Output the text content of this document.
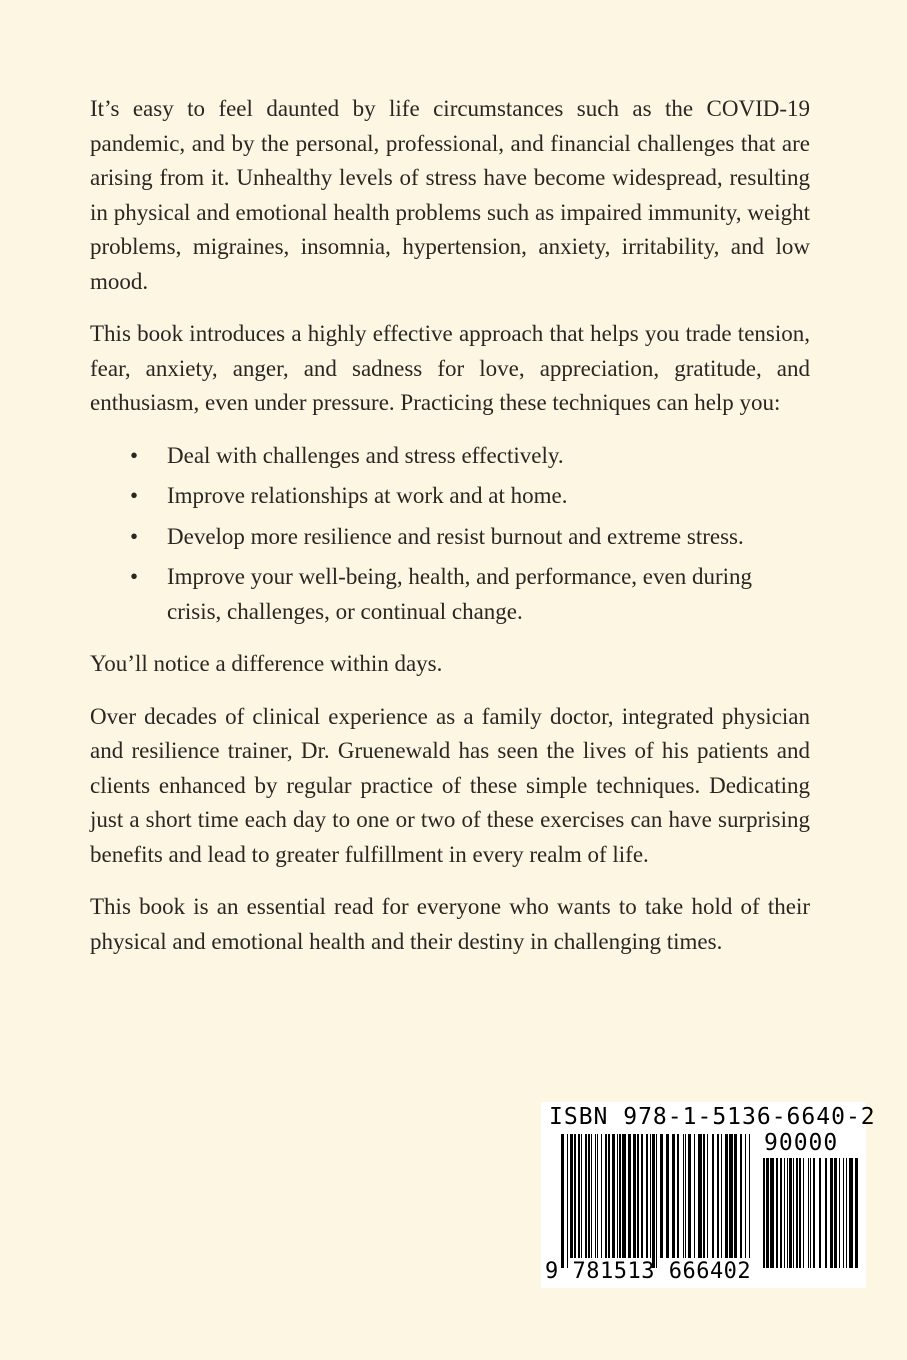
It’s easy to feel daunted by life circumstances such as the COVID-19 pandemic, and by the personal, professional, and financial challenges that are arising from it. Unhealthy levels of stress have become widespread, resulting in physical and emotional health problems such as impaired immunity, weight problems, migraines, insomnia, hypertension, anxiety, irritability, and low mood.

This book introduces a highly effective approach that helps you trade tension, fear, anxiety, anger, and sadness for love, appreciation, gratitude, and enthusiasm, even under pressure. Practicing these techniques can help you:

• Deal with challenges and stress effectively.
• Improve relationships at work and at home.
• Develop more resilience and resist burnout and extreme stress.
• Improve your well-being, health, and performance, even during crisis, challenges, or continual change.

You’ll notice a difference within days.

Over decades of clinical experience as a family doctor, integrated physician and resilience trainer, Dr. Gruenewald has seen the lives of his patients and clients enhanced by regular practice of these simple techniques. Dedicating just a short time each day to one or two of these exercises can have surprising benefits and lead to greater fulfillment in every realm of life.

This book is an essential read for everyone who wants to take hold of their physical and emotional health and their destiny in challenging times.

ISBN 978-1-5136-6640-2
90000
9 781513 666402
